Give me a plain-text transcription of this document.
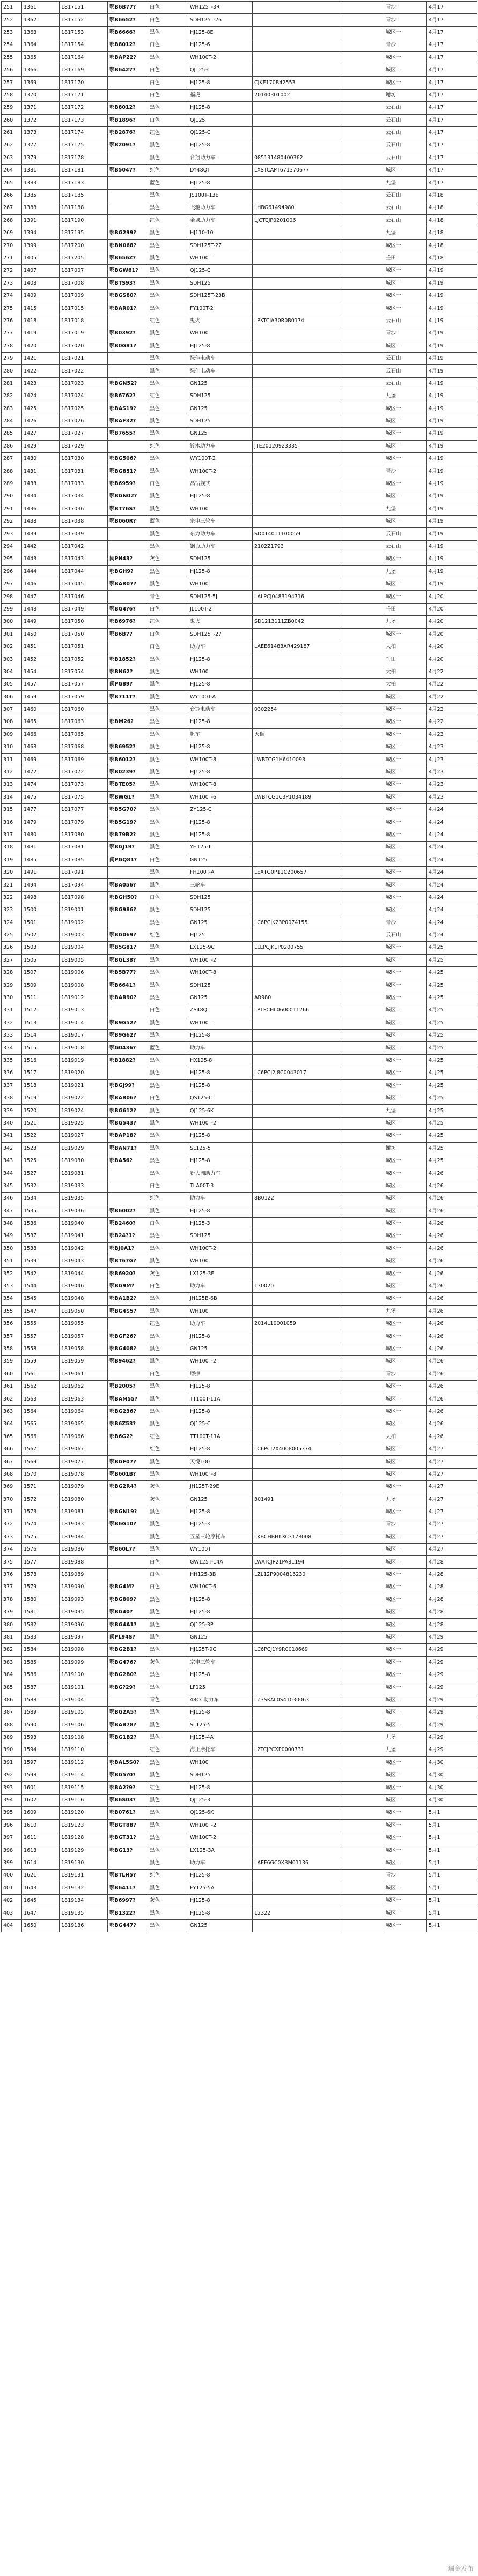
251	1361	1817151	鄂B6B77?	白色	WH125T-3R			青沙	4月17
252	1362	1817152	鄂B6652?	白色	SDH125T-26			青沙	4月17
253	1363	1817153	鄂B6666?	黑色	HJ125-8E			城区一	4月17
254	1364	1817154	鄂B8012?	白色	HJ125-6			青沙	4月17
255	1365	1817164	鄂BAP22?	黑色	WH100T-2			城区一	4月17
256	1366	1817169	鄂B6427?	白色	QJ125-C			城区一	4月17
257	1369	1817170		白色	HJ125-8	CJKE170B42553		城区一	4月17
258	1370	1817171		白色	福虎	20140301002		谢坊	4月17
259	1371	1817172	鄂B8012?	黑色	HJ125-8			云石山	4月17
260	1372	1817173	鄂B1896?	白色	QJ125			云石山	4月17
261	1373	1817174	鄂B2876?	红色	QJ125-C			云石山	4月17
262	1377	1817175	鄂B2091?	黑色	HJ125-8			云石山	4月17
263	1379	1817178		黑色	台翔助力车	085131480400362		云石山	4月17
264	1381	1817181	鄂B5047?	红色	DY48QT	LXSTCAPT671370677		城区一	4月17
265	1383	1817183		蓝色	HJ125-8			九堡	4月17
266	1385	1817185		黑色	JS100T-13E			云石山	4月18
267	1388	1817188		黑色	飞驰助力车	LHBG61494980		云石山	4月18
268	1391	1817190		红色	金城助力车	LJCTCJP0201006		云石山	4月18
269	1394	1817195	鄂BG299?	黑色	HJ110-10			九堡	4月18
270	1399	1817200	鄂BN068?	黑色	SDH125T-27			城区一	4月18
271	1405	1817205	鄂B656Z?	黑色	WH100T			壬田	4月18
272	1407	1817007	鄂BGW61?	黑色	QJ125-C			城区一	4月19
273	1408	1817008	鄂BTS93?	黑色	SDH125			城区一	4月19
274	1409	1817009	鄂BGS80?	黑色	SDH125T-23B			城区一	4月19
275	1415	1817015	鄂BAR01?	黑色	FY100T-2			城区一	4月19
276	1418	1817018		红色	鬼火	LPKTCJA30R0B0174		云石山	4月19
277	1419	1817019	鄂B0392?	黑色	WH100			青沙	4月19
278	1420	1817020	鄂B0G81?	黑色	HJ125-8			城区一	4月19
279	1421	1817021		黑色	绿佳电动车			云石山	4月19
280	1422	1817022		黑色	绿佳电动车			云石山	4月19
281	1423	1817023	鄂BGN52?	黑色	GN125			云石山	4月19
282	1424	1817024	鄂B6762?	红色	SDH125			九堡	4月19
283	1425	1817025	鄂BAS19?	黑色	GN125			城区一	4月19
284	1426	1817026	鄂BAF32?	黑色	SDH125			城区一	4月19
285	1427	1817027	鄂B7655?	黑色	GN125			城区一	4月19
286	1429	1817029		红色	铃木助力车	JTE20120923335		城区一	4月19
287	1430	1817030	鄂BG506?	黑色	WY100T-2			城区一	4月19
288	1431	1817031	鄂BG851?	黑色	WH100T-2			青沙	4月19
289	1433	1817033	鄂B6959?	白色	晶钻舰式			城区一	4月19
290	1434	1817034	鄂BGN02?	黑色	HJ125-8			城区一	4月19
291	1436	1817036	鄂BT76S?	黑色	WH100			九堡	4月19
292	1438	1817038	鄂B060R?	蓝色	宗申三轮车			城区一	4月19
293	1439	1817039		黑色	东力助力车	SD014011100059		云石山	4月19
294	1442	1817042		黑色	钢力助力车	2102Z1793		云石山	4月19
295	1443	1817043	闽PN43?	灰色	SDH125			城区一	4月19
296	1444	1817044	鄂BGH9?	黑色	HJ125-8			九堡	4月19
297	1446	1817045	鄂BAR07?	黑色	WH100			城区一	4月19
298	1447	1817046		青色	SDH125-5J	LALPCJ0483194716		城区一	4月20
299	1448	1817049	鄂BG4?6?	白色	JL100T-2			壬田	4月20
300	1449	1817050	鄂B6976?	红色	鬼火	SD1213111ZB0042		九堡	4月20
301	1450	1817050	鄂B6B7?	白色	SDH125T-27			城区一	4月20
302	1451	1817051		白色	助力车	LAEE61483AR429187		大柏	4月20
303	1452	1817052	鄂B1852?	黑色	HJ125-8			壬田	4月20
304	1454	1817054	鄂BN62?	黑色	WH100			大柏	4月22
305	1457	1817057	闽PG89?	黑色	HJ125-8			大柏	4月22
306	1459	1817059	鄂B711T?	黑色	WY100T-A			城区一	4月22
307	1460	1817060		黑色	台铃电动车	0302254		城区一	4月22
308	1465	1817063	鄂BM26?	黑色	HJ125-8			城区一	4月22
309	1466	1817065		黑色	帆车	天狮		城区一	4月23
310	1468	1817068	鄂B6952?	黑色	HJ125-8			城区一	4月23
311	1469	1817069	鄂B6012?	黑色	WH100T-8	LWBTCG1H6410093		城区一	4月23
312	1472	1817072	鄂B0239?	黑色	HJ125-8			城区一	4月23
313	1474	1817073	鄂BTE05?	黑色	WH100T-8			城区一	4月23
314	1475	1817075	鄂BWG1?	黑色	WH100T-6	LWBTCG1C3P1034189		城区一	4月23
315	1477	1817077	鄂B5G70?	黑色	ZY125-C			城区一	4月24
316	1479	1817079	鄂B5G19?	黑色	HJ125-8			城区一	4月24
317	1480	1817080	鄂B79B2?	黑色	HJ125-8			城区一	4月24
318	1481	1817081	鄂BGJ19?	黑色	YH125-T			城区一	4月24
319	1485	1817085	闽PGQ81?	白色	GN125			城区一	4月24
320	1491	1817091		黑色	FH100T-A	LEXTG0P11C200657		城区一	4月24
321	1494	1817094	鄂BA056?	黑色	三轮车			城区一	4月24
322	1498	1817098	鄂BGH50?	白色	SDH125			城区一	4月24
323	1500	1819001	鄂BG986?	黑色	SDH125			城区一	4月24
324	1501	1819002		黑色	GN125	LC6PCJK23P0074155		青沙	4月24
325	1502	1819003	鄂BG069?	红色	HJ125			云石山	4月24
326	1503	1819004	鄂B5G81?	黑色	LX125-9C	LLLPCJK1P0200755		城区一	4月25
327	1505	1819005	鄂BGL38?	黑色	WH100T-2			城区一	4月25
328	1507	1819006	鄂B5B77?	黑色	WH100T-8			城区一	4月25
329	1509	1819008	鄂B6641?	黑色	SDH125			城区一	4月25
330	1511	1819012	鄂BAR90?	黑色	GN125	AR980		城区一	4月25
331	1512	1819013		白色	ZS48Q	LPTPCHL0600011266		城区一	4月25
332	1513	1819014	鄂B9G52?	黑色	WH100T			城区一	4月25
333	1514	1819017	鄂B9G62?	黑色	HJ125-8			城区一	4月25
334	1515	1819018	鄂G0436?	蓝色	助力车			城区一	4月25
335	1516	1819019	鄂B1882?	黑色	HX125-8			城区一	4月25
336	1517	1819020		黑色	HJ125-8	LC6PCJ2J8C0043017		城区一	4月25
337	1518	1819021	鄂BGJ99?	黑色	HJ125-8			城区一	4月25
338	1519	1819022	鄂BAB06?	白色	QS125-C			城区一	4月25
339	1520	1819024	鄂BG612?	黑色	QJ125-6K			九堡	4月25
340	1521	1819025	鄂BG543?	黑色	WH100T-2			城区一	4月25
341	1522	1819027	鄂BAP18?	黑色	HJ125-8			城区一	4月25
342	1523	1819029	鄂BAN71?	黑色	SL125-5			谢坊	4月25
343	1525	1819030	鄂BA56?	黑色	HJ125-8			城区一	4月25
344	1527	1819031		黑色	新大洲助力车			城区一	4月26
345	1532	1819033		白色	TLA00T-3			城区一	4月26
346	1534	1819035		红色	助力车	8B0122		城区一	4月26
347	1535	1819036	鄂B6002?	黑色	HJ125-8			城区一	4月26
348	1536	1819040	鄂B2460?	白色	HJ125-3			城区一	4月26
349	1537	1819041	鄂B24?1?	黑色	SDH125			城区一	4月26
350	1538	1819042	鄂BJ0A1?	黑色	WH100T-2			城区一	4月26
351	1539	1819043	鄂BT67G?	黑色	WH100			城区一	4月26
352	1542	1819044	鄂B6920?	灰色	LX125-3E			城区一	4月26
353	1544	1819046	鄂BG9M?	白色	助力车	130020		城区一	4月26
354	1545	1819048	鄂BA1B2?	黑色	JH125B-6B			城区一	4月26
355	1547	1819050	鄂BG4S5?	黑色	WH100			九堡	4月26
356	1555	1819055		红色	助力车	2014L10001059		城区一	4月26
357	1557	1819057	鄂BGF26?	黑色	JH125-8			城区一	4月26
358	1558	1819058	鄂BG408?	黑色	GN125			城区一	4月26
359	1559	1819059	鄂B9462?	黑色	WH100T-2			城区一	4月26
360	1561	1819061		白色	磨擦			青沙	4月26
361	1562	1819062	鄂B2005?	黑色	HJ125-8			城区一	4月26
362	1563	1819063	鄂BAM55?	黑色	TT100T-11A			城区一	4月26
363	1564	1819064	鄂BG236?	黑色	HJ125-8			城区一	4月26
364	1565	1819065	鄂B6Z53?	黑色	QJ125-C			城区一	4月26
365	1566	1819066	鄂B6G2?	红色	TT100T-11A			大柏	4月26
366	1567	1819067		红色	HJ125-8	LC6PCJ2X4008005374		城区一	4月27
367	1569	1819077	鄂BGF07?	黑色	天悦100			城区一	4月27
368	1570	1819078	鄂B601B?	黑色	WH100T-8			城区一	4月27
369	1571	1819079	鄂BG2R4?	灰色	JH125T-29E			城区一	4月27
370	1572	1819080		灰色	GN125	301491		九堡	4月27
371	1573	1819081	鄂BGN19?	黑色	HJ125-8			城区一	4月27
372	1574	1819083	鄂B6G10?	黑色	HJ125-3			青沙	4月27
373	1575	1819084		黑色	五星三轮摩托车	LKBCHBHKXC3178008		城区一	4月27
374	1576	1819086	鄂B60L7?	黑色	WY100T			城区一	4月27
375	1577	1819088		白色	GW125T-14A	LWATCJP21PA81194		城区一	4月28
376	1578	1819089		白色	HH125-3B	LZL12P9004816230		城区一	4月28
377	1579	1819090	鄂BG4M?	白色	WH100T-6			城区一	4月28
378	1580	1819093	鄂BG809?	黑色	HJ125-8			城区一	4月28
379	1581	1819095	鄂BG40?	黑色	HJ125-8			城区一	4月28
380	1582	1819096	鄂BG4A1?	黑色	QJ125-3P			城区一	4月28
381	1583	1819097	闽PL94S?	黑色	GN125			城区一	4月29
382	1584	1819098	鄂BG2B1?	黑色	HJ125T-9C	LC6PCJ1Y9R0018669		城区一	4月29
383	1585	1819099	鄂BG476?	灰色	宗申三轮车			城区一	4月29
384	1586	1819100	鄂BG2B0?	黑色	HJ125-8			城区一	4月29
385	1587	1819101	鄂BG?29?	黑色	LF125			城区一	4月29
386	1588	1819104		青色	48CC助力车	LZ3SKAL0S41030063		城区一	4月29
387	1589	1819105	鄂BG2A5?	黑色	HJ125-8			城区一	4月29
388	1590	1819106	鄂BAB78?	黑色	SL125-5			城区一	4月29
389	1593	1819108	鄂BG1B2?	黑色	HJ125-4A			九堡	4月29
390	1594	1819110		红色	海王摩托车	L2TCJPCXP0000731		九堡	4月29
391	1597	1819112	鄂BAL5S0?	黑色	WH100			城区一	4月30
392	1598	1819114	鄂BG5?0?	黑色	SDH125			城区一	4月30
393	1601	1819115	鄂BA2?9?	红色	HJ125-8			城区一	4月30
394	1602	1819116	鄂B6S03?	黑色	QJ125-3			城区一	4月30
395	1609	1819120	鄂B0761?	黑色	QJ125-6K			城区一	5月1
396	1610	1819123	鄂BGT88?	黑色	WH100T-2			城区一	5月1
397	1611	1819128	鄂BGT31?	黑色	WH100T-2			城区一	5月1
398	1613	1819129	鄂BG13?	黑色	LX125-3A			城区一	5月1
399	1614	1819130		黑色	助力车	LAEF6GC0XBM01136		城区一	5月1
400	1621	1819131	鄂BTLH5?	红色	HJ125-8			青沙	5月1
401	1643	1819132	鄂B6411?	黑色	FY125-5A			城区一	5月1
402	1645	1819134	鄂B6997?	灰色	HJ125-8			城区一	5月1
403	1647	1819135	鄂B1322?	黑色	HJ125-8	12322		城区一	5月1
404	1650	1819136	鄂BG447?	黑色	GN125			城区一	5月1
瑞金发布
